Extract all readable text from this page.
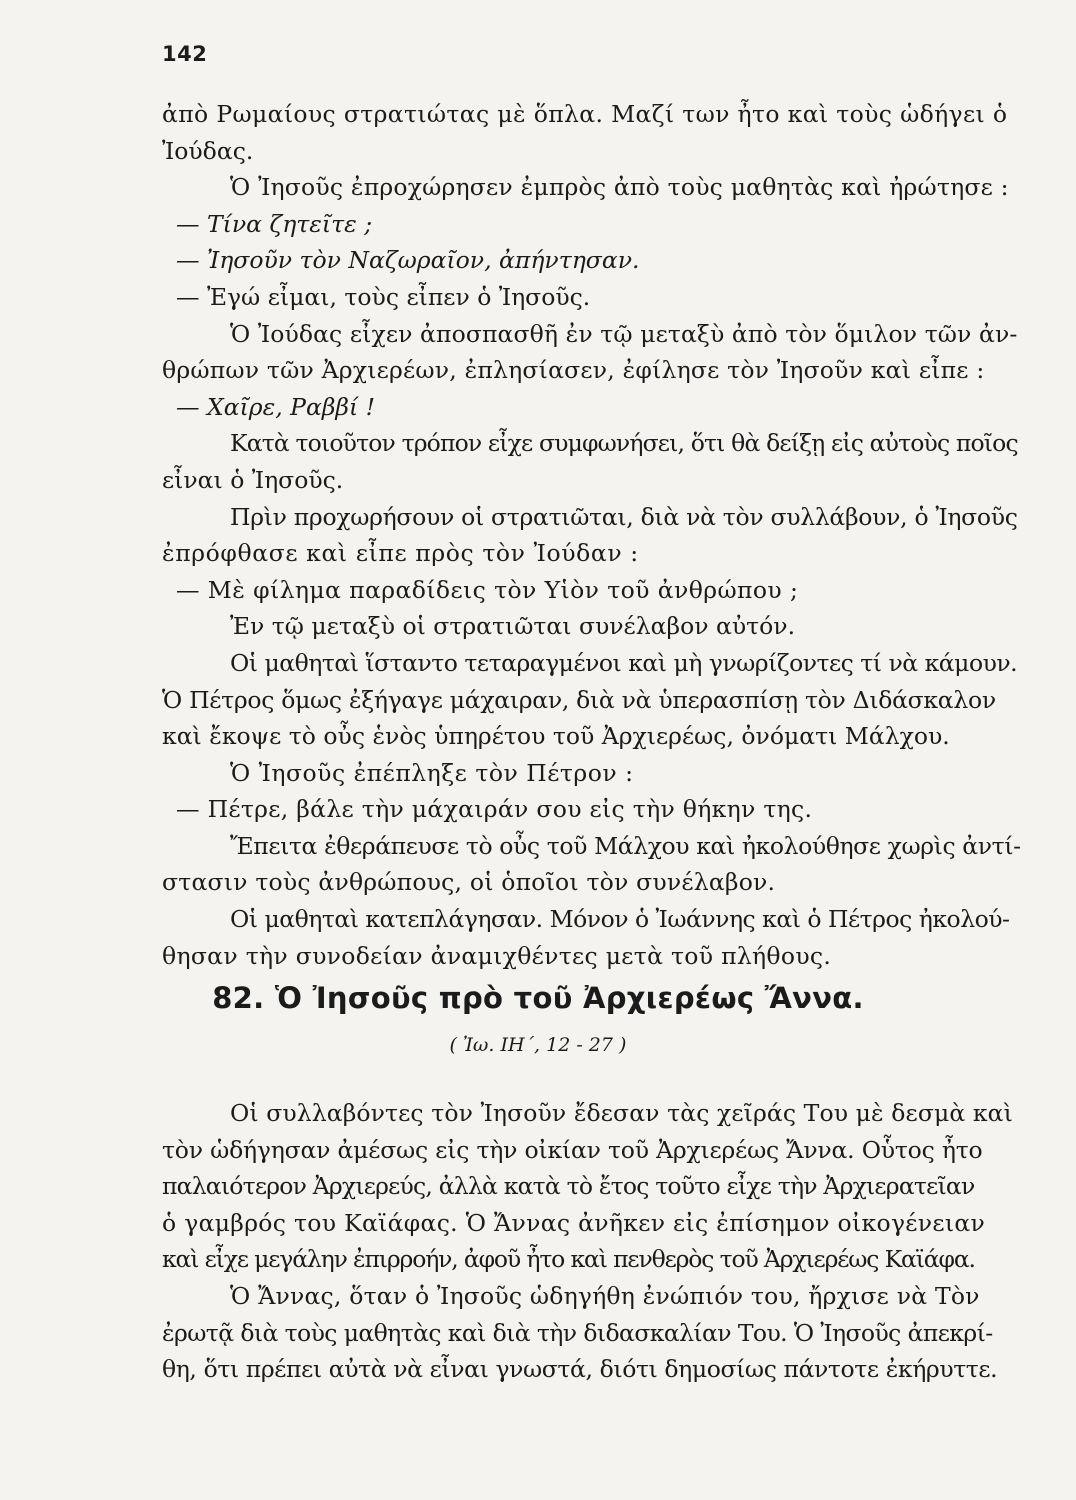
142
ἀπὸ Ρωμαίους στρατιώτας μὲ ὅπλα. Μαζί των ἦτο καὶ τοὺς ὡδήγει ὁ
Ἰούδας.
Ὁ Ἰησοῦς ἐπροχώρησεν ἐμπρὸς ἀπὸ τοὺς μαθητὰς καὶ ἠρώτησε :
— Τίνα ζητεῖτε ;
— Ἰησοῦν τὸν Ναζωραῖον, ἀπήντησαν.
— Ἐγώ εἶμαι, τοὺς εἶπεν ὁ Ἰησοῦς.
Ὁ Ἰούδας εἶχεν ἀποσπασθῆ ἐν τῷ μεταξὺ ἀπὸ τὸν ὅμιλον τῶν ἀν-
θρώπων τῶν Ἀρχιερέων, ἐπλησίασεν, ἐφίλησε τὸν Ἰησοῦν καὶ εἶπε :
— Χαῖρε, Ραββί !
Κατὰ τοιοῦτον τρόπον εἶχε συμφωνήσει, ὅτι θὰ δείξῃ εἰς αὐτοὺς ποῖος
εἶναι ὁ Ἰησοῦς.
Πρὶν προχωρήσουν οἱ στρατιῶται, διὰ νὰ τὸν συλλάβουν, ὁ Ἰησοῦς
ἐπρόφθασε καὶ εἶπε πρὸς τὸν Ἰούδαν :
— Μὲ φίλημα παραδίδεις τὸν Υἱὸν τοῦ ἀνθρώπου ;
Ἐν τῷ μεταξὺ οἱ στρατιῶται συνέλαβον αὐτόν.
Οἱ μαθηταὶ ἵσταντο τεταραγμένοι καὶ μὴ γνωρίζοντες τί νὰ κάμουν.
Ὁ Πέτρος ὅμως ἐξήγαγε μάχαιραν, διὰ νὰ ὑπερασπίσῃ τὸν Διδάσκαλον
καὶ ἔκοψε τὸ οὖς ἑνὸς ὑπηρέτου τοῦ Ἀρχιερέως, ὀνόματι Μάλχου.
Ὁ Ἰησοῦς ἐπέπληξε τὸν Πέτρον :
— Πέτρε, βάλε τὴν μάχαιράν σου εἰς τὴν θήκην της.
Ἔπειτα ἐθεράπευσε τὸ οὖς τοῦ Μάλχου καὶ ἠκολούθησε χωρὶς ἀντί-
στασιν τοὺς ἀνθρώπους, οἱ ὁποῖοι τὸν συνέλαβον.
Οἱ μαθηταὶ κατεπλάγησαν. Μόνον ὁ Ἰωάννης καὶ ὁ Πέτρος ἠκολού-
θησαν τὴν συνοδείαν ἀναμιχθέντες μετὰ τοῦ πλήθους.
82. Ὁ Ἰησοῦς πρὸ τοῦ Ἀρχιερέως Ἄννα.
( Ἰω. ΙΗ΄, 12 - 27 )
Οἱ συλλαβόντες τὸν Ἰησοῦν ἔδεσαν τὰς χεῖράς Του μὲ δεσμὰ καὶ
τὸν ὡδήγησαν ἀμέσως εἰς τὴν οἰκίαν τοῦ Ἀρχιερέως Ἄννα. Οὗτος ἦτο
παλαιότερον Ἀρχιερεύς, ἀλλὰ κατὰ τὸ ἔτος τοῦτο εἶχε τὴν Ἀρχιερατεῖαν
ὁ γαμβρός του Καϊάφας. Ὁ Ἄννας ἀνῆκεν εἰς ἐπίσημον οἰκογένειαν
καὶ εἶχε μεγάλην ἐπιρροήν, ἀφοῦ ἦτο καὶ πενθερὸς τοῦ Ἀρχιερέως Καϊάφα.
Ὁ Ἄννας, ὅταν ὁ Ἰησοῦς ὡδηγήθη ἐνώπιόν του, ἤρχισε νὰ Τὸν
ἐρωτᾷ διὰ τοὺς μαθητὰς καὶ διὰ τὴν διδασκαλίαν Του. Ὁ Ἰησοῦς ἀπεκρί-
θη, ὅτι πρέπει αὐτὰ νὰ εἶναι γνωστά, διότι δημοσίως πάντοτε ἐκήρυττε.
